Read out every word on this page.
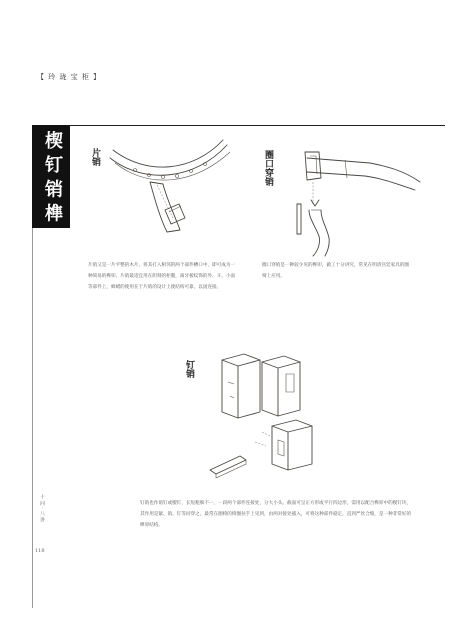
【 玲 珑 宝 柜 】
楔 钉 销 榫	片销	圈口穿销
钉销
片销又是一片平整的木片，将其打入相邻的两个部件槽口中，即可成为一种简易的榫卯。片销最适宜用在阴刻的柜腿，离牙板纹饰的外、斗、小面等部件上，蜂蜡的使用在于片销的设计上使结构可靠，以固连接。
圈口穿销是一种较少见的榫卯，做工十分讲究，常见在明清宫廷家具的圈椅上应用。
钉销也作销钉或楔钉，长短粗细不一，一段两个部件连接处，分大小头。截面可呈正方形或平行四边形，需用以配合榫卯中的楔钉块，其作用是紧、销、钉等同穿之。最常在圈椅的椅圈扶手上见到，由两对接处插入，可将这种部件稳定，直到严丝合缝，是一种非常好的榫卯结构。
十 问 · 八 讲
118
